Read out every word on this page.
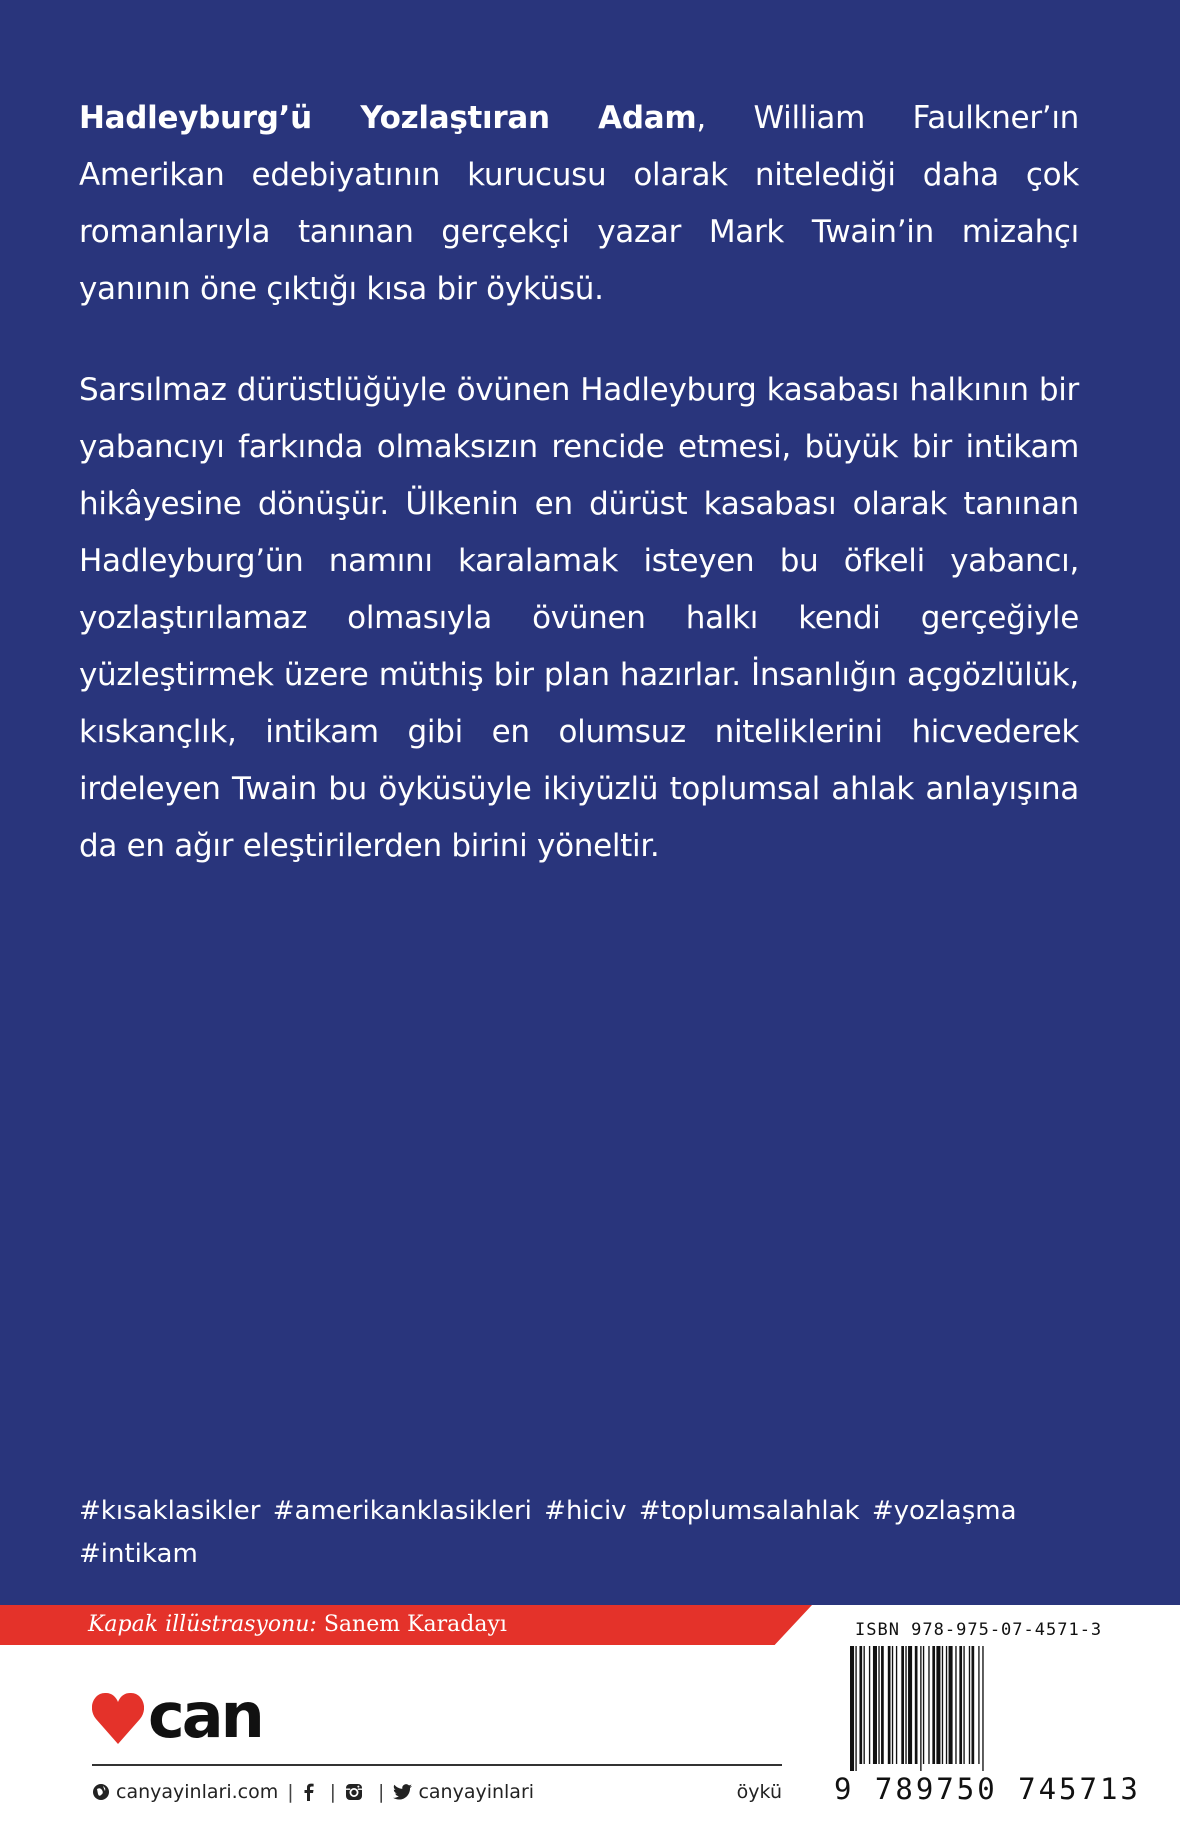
Hadleyburg’ü Yozlaştıran Adam, William Faulkner’ın Amerikan edebiyatının kurucusu olarak nitelediği daha çok romanlarıyla tanınan gerçekçi yazar Mark Twain’in mizahçı yanının öne çıktığı kısa bir öyküsü.
Sarsılmaz dürüstlüğüyle övünen Hadleyburg kasabası halkının bir yabancıyı farkında olmaksızın rencide etmesi, büyük bir intikam hikâyesine dönüşür. Ülkenin en dürüst kasabası olarak tanınan Hadleyburg’ün namını karalamak isteyen bu öfkeli yabancı, yozlaştırılamaz olmasıyla övünen halkı kendi gerçeğiyle yüzleştirmek üzere müthiş bir plan hazırlar. İnsanlığın açgözlülük, kıskançlık, intikam gibi en olumsuz niteliklerini hicvederek irdeleyen Twain bu öyküsüyle ikiyüzlü toplumsal ahlak anlayışına da en ağır eleştirilerden birini yöneltir.
#kısaklasikler #amerikanklasikleri #hiciv #toplumsalahlak #yozlaşma #intikam
Kapak illüstrasyonu: Sanem Karadayı
can
canyayinlari.com | | | canyayinlari	öykü
ISBN 978-975-07-4571-3
9 789750 745713
